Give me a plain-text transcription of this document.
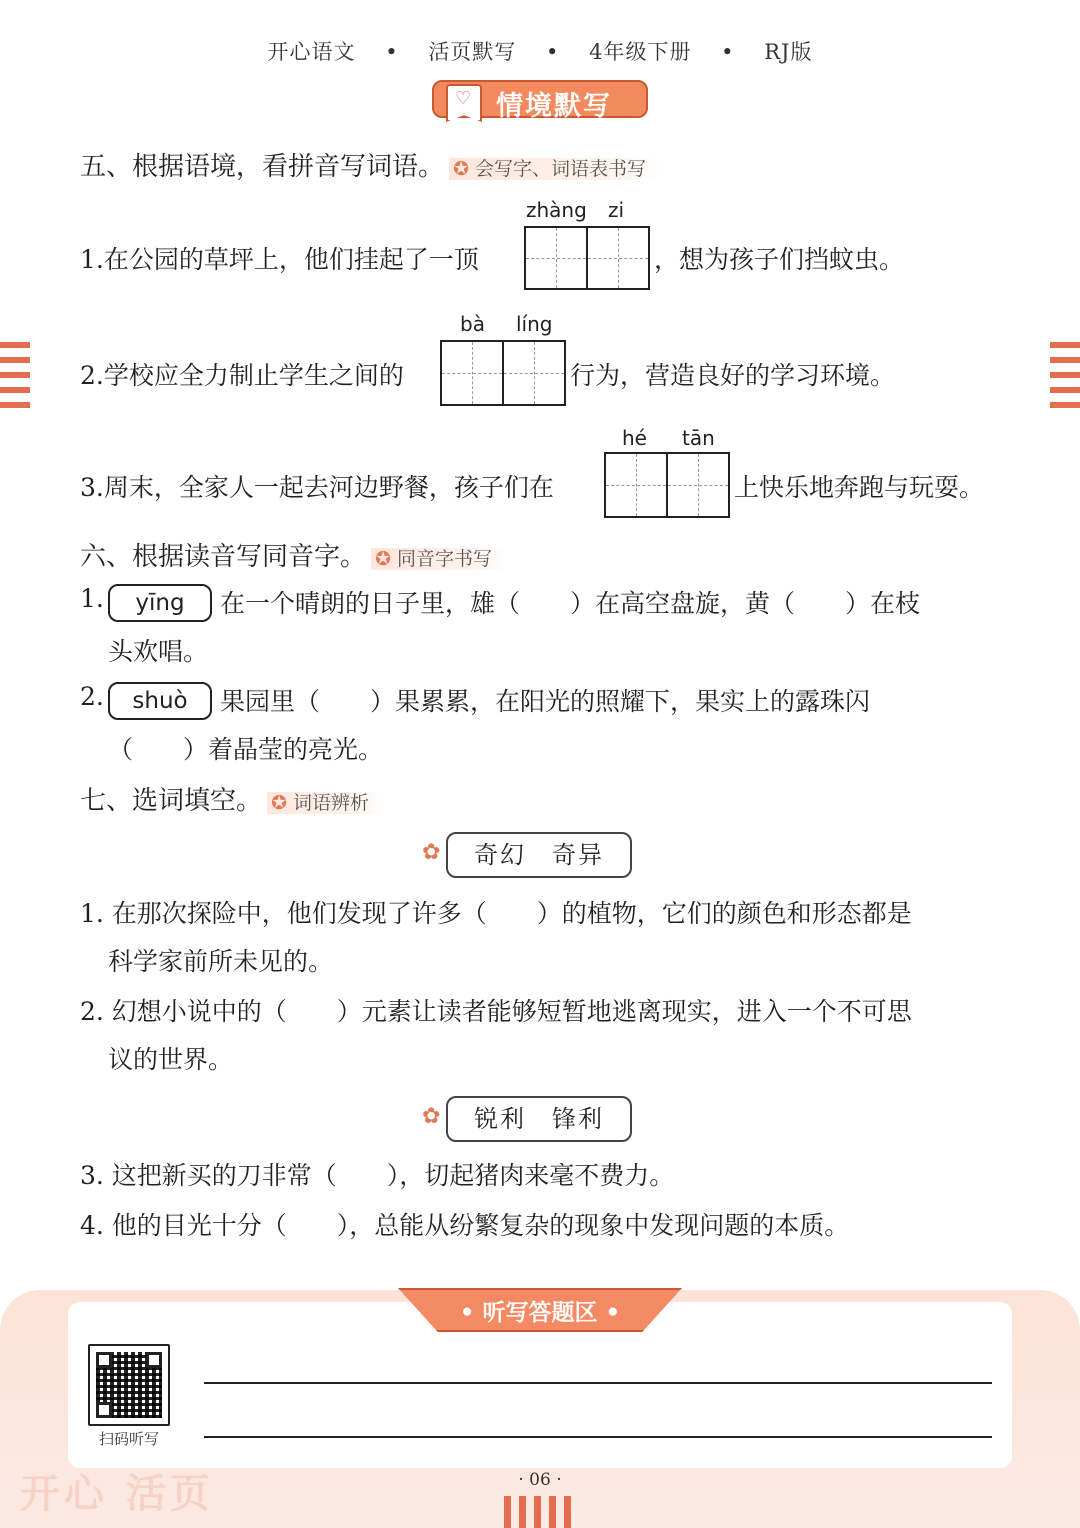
开心语文 • 活页默写 • 4年级下册 • RJ版
♡ 情境默写
五、根据语境，看拼音写词语。 ✪ 会写字、词语表书写
zhàng zi
1.在公园的草坪上，他们挂起了一顶	，想为孩子们挡蚊虫。
bà líng
2.学校应全力制止学生之间的	行为，营造良好的学习环境。
hé tān
3.周末，全家人一起去河边野餐，孩子们在	上快乐地奔跑与玩耍。
六、根据读音写同音字。 ✪ 同音字书写
1.	yīng	在一个晴朗的日子里，雄（　　）在高空盘旋，黄（　　）在枝
头欢唱。
2.	shuò	果园里（　　）果累累，在阳光的照耀下，果实上的露珠闪
（　　）着晶莹的亮光。
七、选词填空。 ✪ 词语辨析
✿	奇幻　奇异
1. 在那次探险中，他们发现了许多（　　）的植物，它们的颜色和形态都是
科学家前所未见的。
2. 幻想小说中的（　　）元素让读者能够短暂地逃离现实，进入一个不可思
议的世界。
✿	锐利　锋利
3. 这把新买的刀非常（　　），切起猪肉来毫不费力。
4. 他的目光十分（　　），总能从纷繁复杂的现象中发现问题的本质。
• 听写答题区 •
扫码听写
开心 活页	· 06 ·
